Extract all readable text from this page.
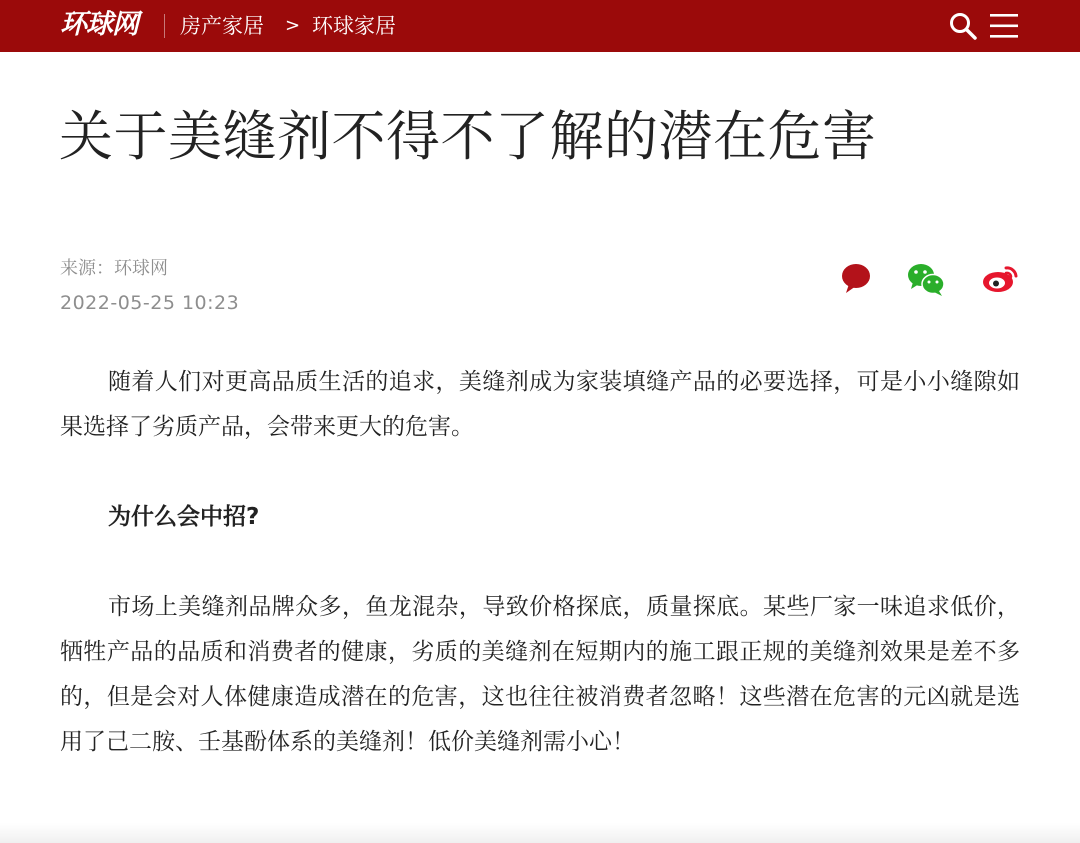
环球网 房产家居 > 环球家居
关于美缝剂不得不了解的潜在危害
来源：环球网
2022-05-25 10:23

随着人们对更高品质生活的追求，美缝剂成为家装填缝产品的必要选择，可是小小缝隙如果选择了劣质产品，会带来更大的危害。

为什么会中招?

市场上美缝剂品牌众多，鱼龙混杂，导致价格探底，质量探底。某些厂家一味追求低价，牺牲产品的品质和消费者的健康，劣质的美缝剂在短期内的施工跟正规的美缝剂效果是差不多的，但是会对人体健康造成潜在的危害，这也往往被消费者忽略！这些潜在危害的元凶就是选用了己二胺、壬基酚体系的美缝剂！低价美缝剂需小心！
